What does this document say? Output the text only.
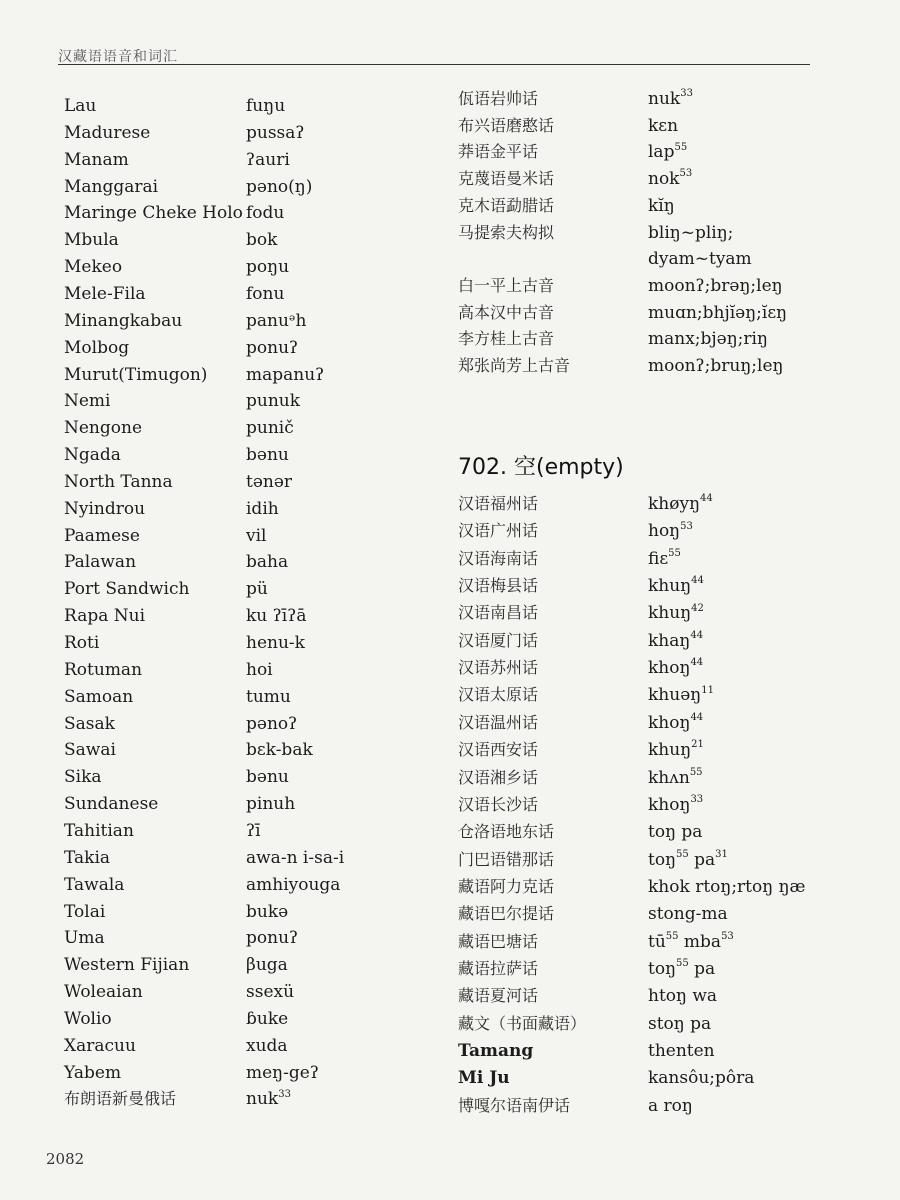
汉藏语语音和词汇
Lau	fuŋu
Madurese	pussaʔ
Manam	ʔauri
Manggarai	pəno(ŋ)
Maringe Cheke Holo fodu
Mbula	bok
Mekeo	poŋu
Mele-Fila	fonu
Minangkabau	panuᵊh
Molbog	ponuʔ
Murut(Timugon) mapanuʔ
Nemi	punuk
Nengone	punič
Ngada	bənu
North Tanna	tənər
Nyindrou	idih
Paamese	vil
Palawan	baha
Port Sandwich	pü
Rapa Nui	ku ʔīʔā
Roti	henu-k
Rotuman	hoi
Samoan	tumu
Sasak	pənoʔ
Sawai	bɛk-bak
Sika	bənu
Sundanese	pinuh
Tahitian	ʔī
Takia	awa-n i-sa-i
Tawala	amhiyouga
Tolai	bukə
Uma	ponuʔ
Western Fijian	βuga
Woleaian	ssexü
Wolio	ɓuke
Xaracuu	xuda
Yabem	meŋ-geʔ
布朗语新曼俄话	nuk$^{33}$
佤语岩帅话	nuk$^{33}$
布兴语磨憨话	kɛn
莽语金平话	lap$^{55}$
克蔑语曼米话	nok$^{53}$
克木语勐腊话	kĭŋ
马提索夫构拟	bliŋ~pliŋ;
dyam~tyam
白一平上古音	moonʔ;brəŋ;leŋ
高本汉中古音	muɑn;bhjĭəŋ;ĭɛŋ
李方桂上古音	manx;bjəŋ;riŋ
郑张尚芳上古音	moonʔ;bruŋ;leŋ
702. 空(empty)
汉语福州话	khøyŋ$^{44}$
汉语广州话	hoŋ$^{53}$
汉语海南话	fiɛ$^{55}$
汉语梅县话	khuŋ$^{44}$
汉语南昌话	khuŋ$^{42}$
汉语厦门话	khaŋ$^{44}$
汉语苏州话	khoŋ$^{44}$
汉语太原话	khuəŋ$^{11}$
汉语温州话	khoŋ$^{44}$
汉语西安话	khuŋ$^{21}$
汉语湘乡话	khʌn$^{55}$
汉语长沙话	khoŋ$^{33}$
仓洛语地东话	toŋ pa
门巴语错那话	toŋ$^{55}$ $pa^{31}$
藏语阿力克话	khok rtoŋ;rtoŋ ŋæ
藏语巴尔提话	stong-ma
藏语巴塘话	$tū^{55}$ mba$^{53}$
藏语拉萨话	toŋ$^{55}$ pa
藏语夏河话	htoŋ wa
藏文（书面藏语）	stoŋ pa
Tamang	thenten
Mi Ju	kansôu;pôra
博嘎尔语南伊话	a roŋ
2082
